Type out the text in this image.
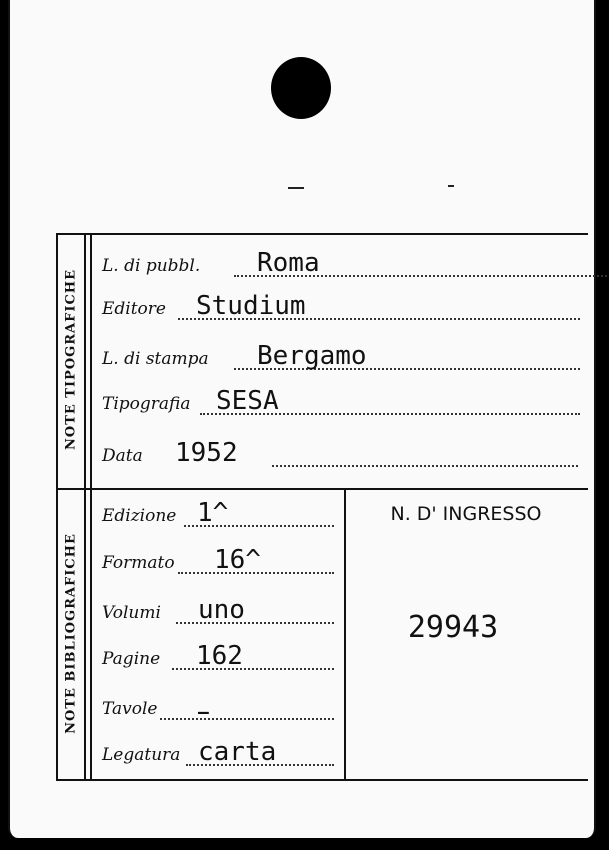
NOTE TIPOGRAFICHE
NOTE BIBLIOGRAFICHE
L. di pubbl. Roma
Editore Studium
L. di stampa Bergamo
Tipografia SESA
Data 1952
Edizione 1^
Formato 16^
Volumi uno
Pagine 162
Tavole –
Legatura carta
N. D' INGRESSO
29943
